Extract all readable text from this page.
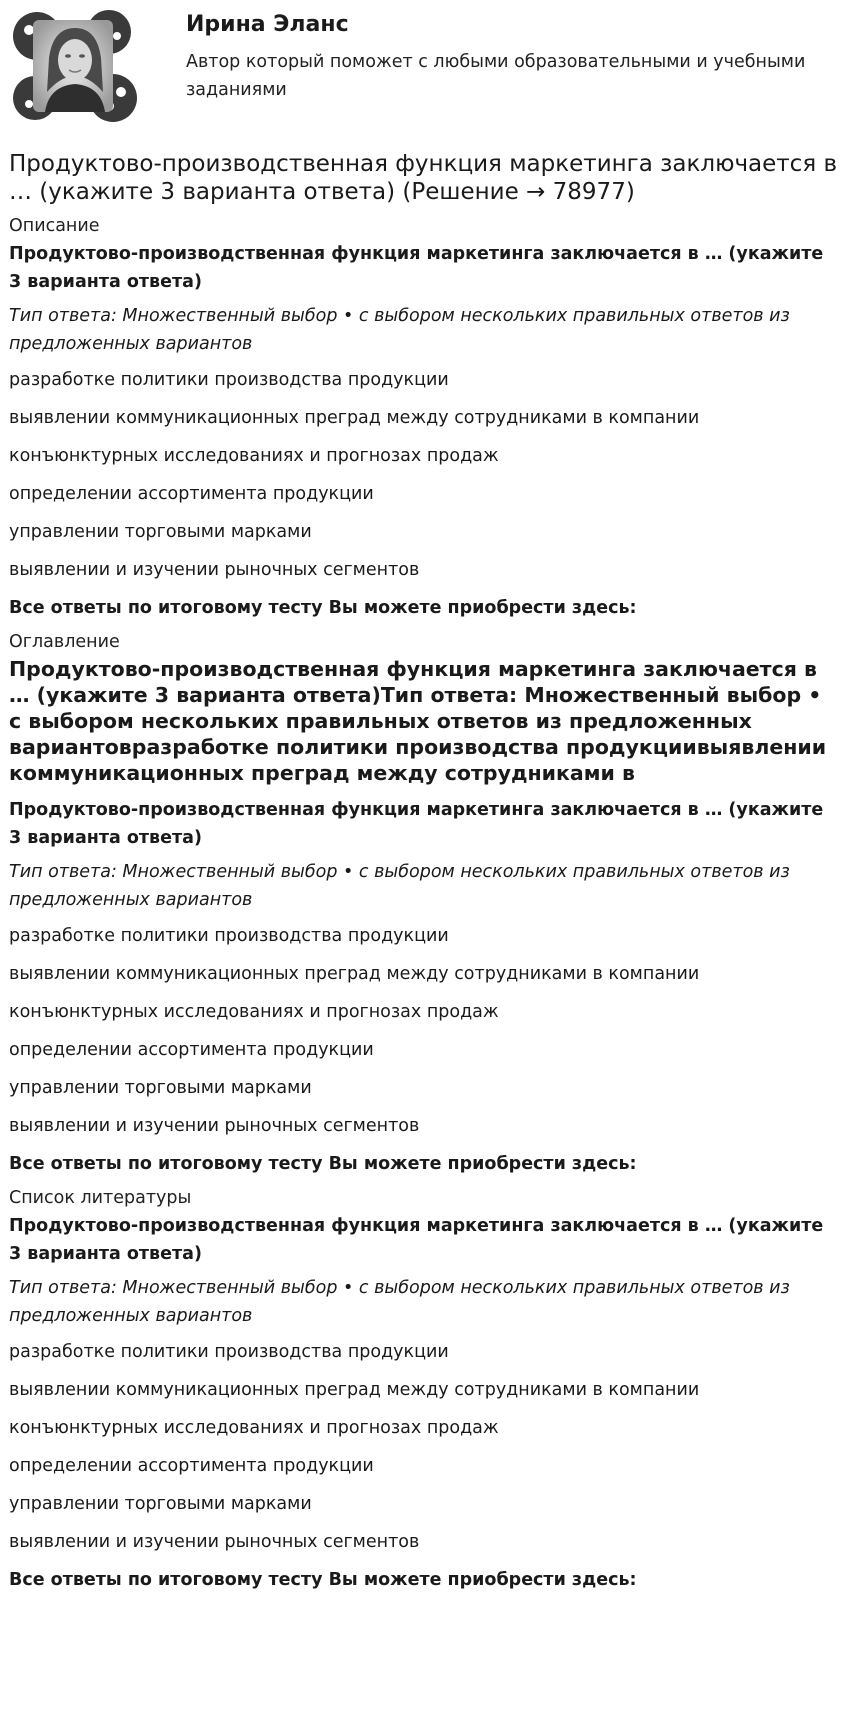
Ирина Эланс

Автор который поможет с любыми образовательными и учебными заданиями

Продуктово-производственная функция маркетинга заключается в … (укажите 3 варианта ответа) (Решение → 78977)

Описание

Продуктово-производственная функция маркетинга заключается в … (укажите 3 варианта ответа)

Тип ответа: Множественный выбор • с выбором нескольких правильных ответов из предложенных вариантов

разработке политики производства продукции

выявлении коммуникационных преград между сотрудниками в компании

конъюнктурных исследованиях и прогнозах продаж

определении ассортимента продукции

управлении торговыми марками

выявлении и изучении рыночных сегментов

Все ответы по итоговому тесту Вы можете приобрести здесь:

Оглавление

Продуктово-производственная функция маркетинга заключается в … (укажите 3 варианта ответа)Тип ответа: Множественный выбор • с выбором нескольких правильных ответов из предложенных вариантовразработке политики производства продукциивыявлении коммуникационных преград между сотрудниками в

Продуктово-производственная функция маркетинга заключается в … (укажите 3 варианта ответа)

Тип ответа: Множественный выбор • с выбором нескольких правильных ответов из предложенных вариантов

разработке политики производства продукции

выявлении коммуникационных преград между сотрудниками в компании

конъюнктурных исследованиях и прогнозах продаж

определении ассортимента продукции

управлении торговыми марками

выявлении и изучении рыночных сегментов

Все ответы по итоговому тесту Вы можете приобрести здесь:

Список литературы

Продуктово-производственная функция маркетинга заключается в … (укажите 3 варианта ответа)

Тип ответа: Множественный выбор • с выбором нескольких правильных ответов из предложенных вариантов

разработке политики производства продукции

выявлении коммуникационных преград между сотрудниками в компании

конъюнктурных исследованиях и прогнозах продаж

определении ассортимента продукции

управлении торговыми марками

выявлении и изучении рыночных сегментов

Все ответы по итоговому тесту Вы можете приобрести здесь:
